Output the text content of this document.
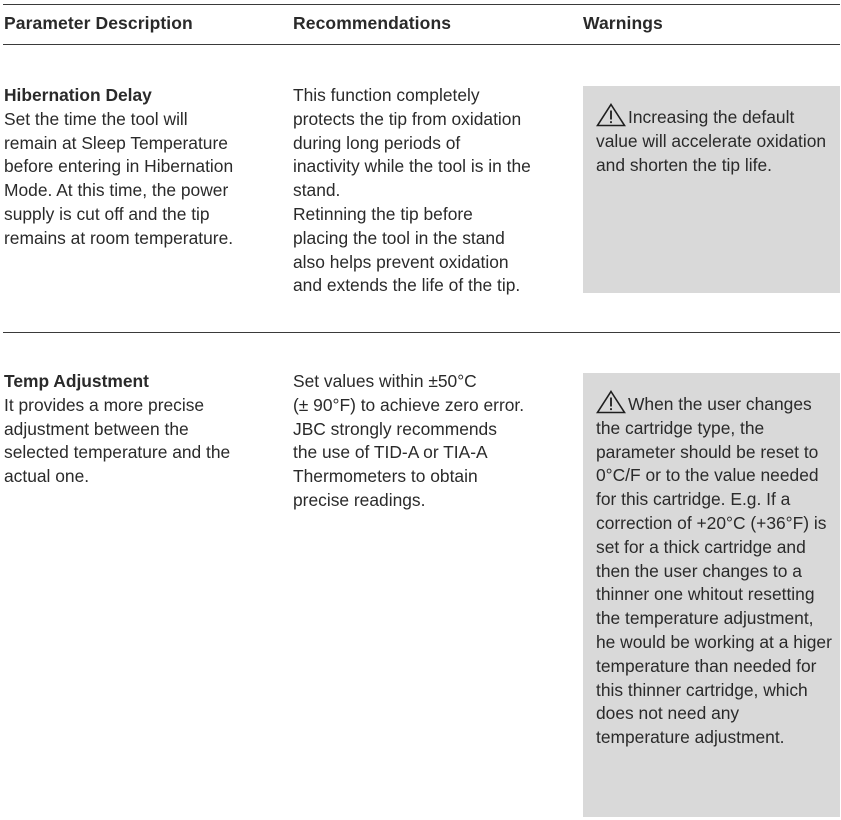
Parameter Description	Recommendations	Warnings
Hibernation Delay
Set the time the tool will
remain at Sleep Temperature
before entering in Hibernation
Mode. At this time, the power
supply is cut off and the tip
remains at room temperature.
This function completely
protects the tip from oxidation
during long periods of
inactivity while the tool is in the
stand.
Retinning the tip before
placing the tool in the stand
also helps prevent oxidation
and extends the life of the tip.
Increasing the default value will accelerate oxidation and shorten the tip life.
Temp Adjustment
It provides a more precise
adjustment between the
selected temperature and the
actual one.
Set values within ±50°C
(± 90°F) to achieve zero error.
JBC strongly recommends
the use of TID-A or TIA-A
Thermometers to obtain
precise readings.
When the user changes the cartridge type, the parameter should be reset to 0°C/F or to the value needed for this cartridge. E.g. If a correction of +20°C (+36°F) is set for a thick cartridge and then the user changes to a thinner one whitout resetting the temperature adjustment, he would be working at a higer temperature than needed for this thinner cartridge, which does not need any temperature adjustment.
